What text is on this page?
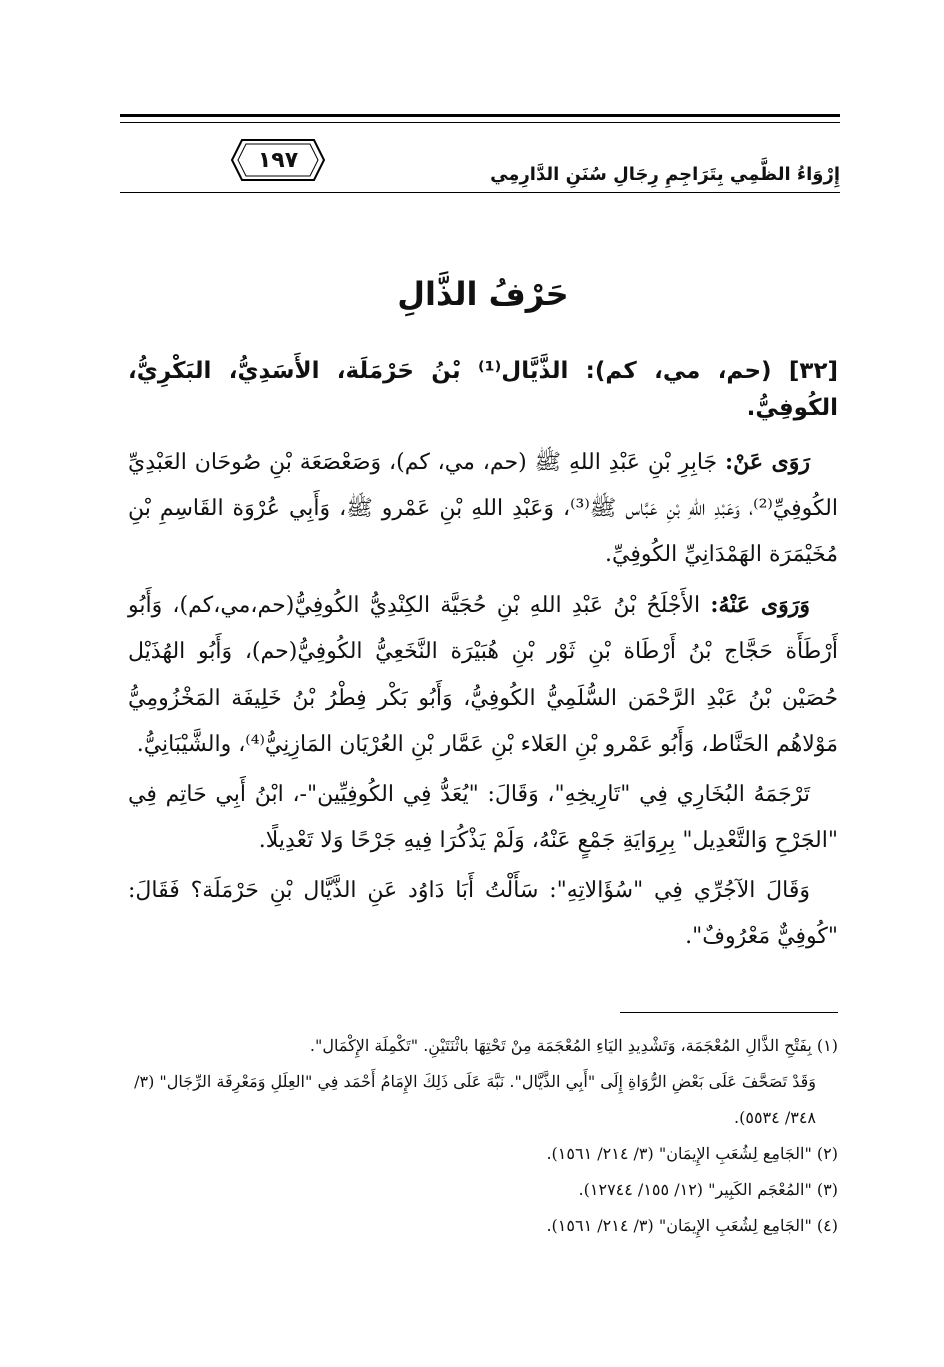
١٩٧
إِرْوَاءُ الظَّمِي بِتَرَاجِمِ رِجَالِ سُنَنِ الدَّارِمِي
حَرْفُ الذَّالِ
[٣٢] (حم، مي، كم): الذَّيَّال⁽¹⁾ بْنُ حَرْمَلَة، الأَسَدِيُّ، البَكْرِيُّ، الكُوفِيُّ.

رَوَى عَنْ: جَابِرِ بْنِ عَبْدِ اللهِ ﷺ (حم، مي، كم)، وَصَعْصَعَة بْنِ صُوحَان العَبْدِيِّ الكُوفِيِّ⁽²⁾، وَعَبْدِ اللهِ بْنِ عَبَّاس ﷺ⁽³⁾، وَعَبْدِ اللهِ بْنِ عَمْرو ﷺ، وَأَبِي عُرْوَة القَاسِمِ بْنِ مُخَيْمَرَة الهَمْدَانِيِّ الكُوفِيِّ.

وَرَوَى عَنْهُ: الأَجْلَحُ بْنُ عَبْدِ اللهِ بْنِ حُجَيَّة الكِنْدِيُّ الكُوفِيُّ(حم،مي،كم)، وَأَبُو أَرْطَأَة حَجَّاج بْنُ أَرْطَاة بْنِ ثَوْر بْنِ هُبَيْرَة النَّخَعِيُّ الكُوفِيُّ(حم)، وَأَبُو الهُذَيْل حُصَيْن بْنُ عَبْدِ الرَّحْمَن السُّلَمِيُّ الكُوفِيُّ، وَأَبُو بَكْر فِطْرُ بْنُ خَلِيفَة المَخْزُومِيُّ مَوْلاهُم الحَنَّاط، وَأَبُو عَمْرو بْنِ العَلاء بْنِ عَمَّار بْنِ العُرْيَان المَازِنِيُّ⁽⁴⁾، والشَّيْبَانِيُّ.

تَرْجَمَهُ البُخَارِي فِي "تَارِيخِهِ"، وَقَالَ: "يُعَدُّ فِي الكُوفِيِّين"-، ابْنُ أَبِي حَاتِم فِي "الجَرْحِ وَالتَّعْدِيل" بِرِوَايَةِ جَمْعٍ عَنْهُ، وَلَمْ يَذْكُرَا فِيهِ جَرْحًا وَلا تَعْدِيلًا.

وَقَالَ الآجُرِّي فِي "سُؤَالاتِهِ": سَأَلْتُ أَبَا دَاوُد عَنِ الذَّيَّال بْنِ حَرْمَلَة؟ فَقَالَ: "كُوفِيٌّ مَعْرُوفٌ".

(١) بِفَتْحِ الذَّالِ المُعْجَمَة، وَتَشْدِيدِ اليَاءِ المُعْجَمَة مِنْ تَحْتِهَا باثْنَتَيْنِ. "تَكْمِلَة الإِكْمَال".

وَقَدْ تَصَحَّفَ عَلَى بَعْضِ الرُّوَاةِ إِلَى "أَبِي الذَّيَّال". نَبَّهَ عَلَى ذَلِكَ الإِمَامُ أَحْمَد فِي "العِلَلِ وَمَعْرِفَة الرِّجَال" (٣/ ٣٤٨/ ٥٥٣٤).

(٢) "الجَامِع لِشُعَبِ الإِيمَان" (٣/ ٢١٤/ ١٥٦١).

(٣) "المُعْجَم الكَبِير" (١٢/ ١٥٥/ ١٢٧٤٤).

(٤) "الجَامِع لِشُعَبِ الإِيمَان" (٣/ ٢١٤/ ١٥٦١).
